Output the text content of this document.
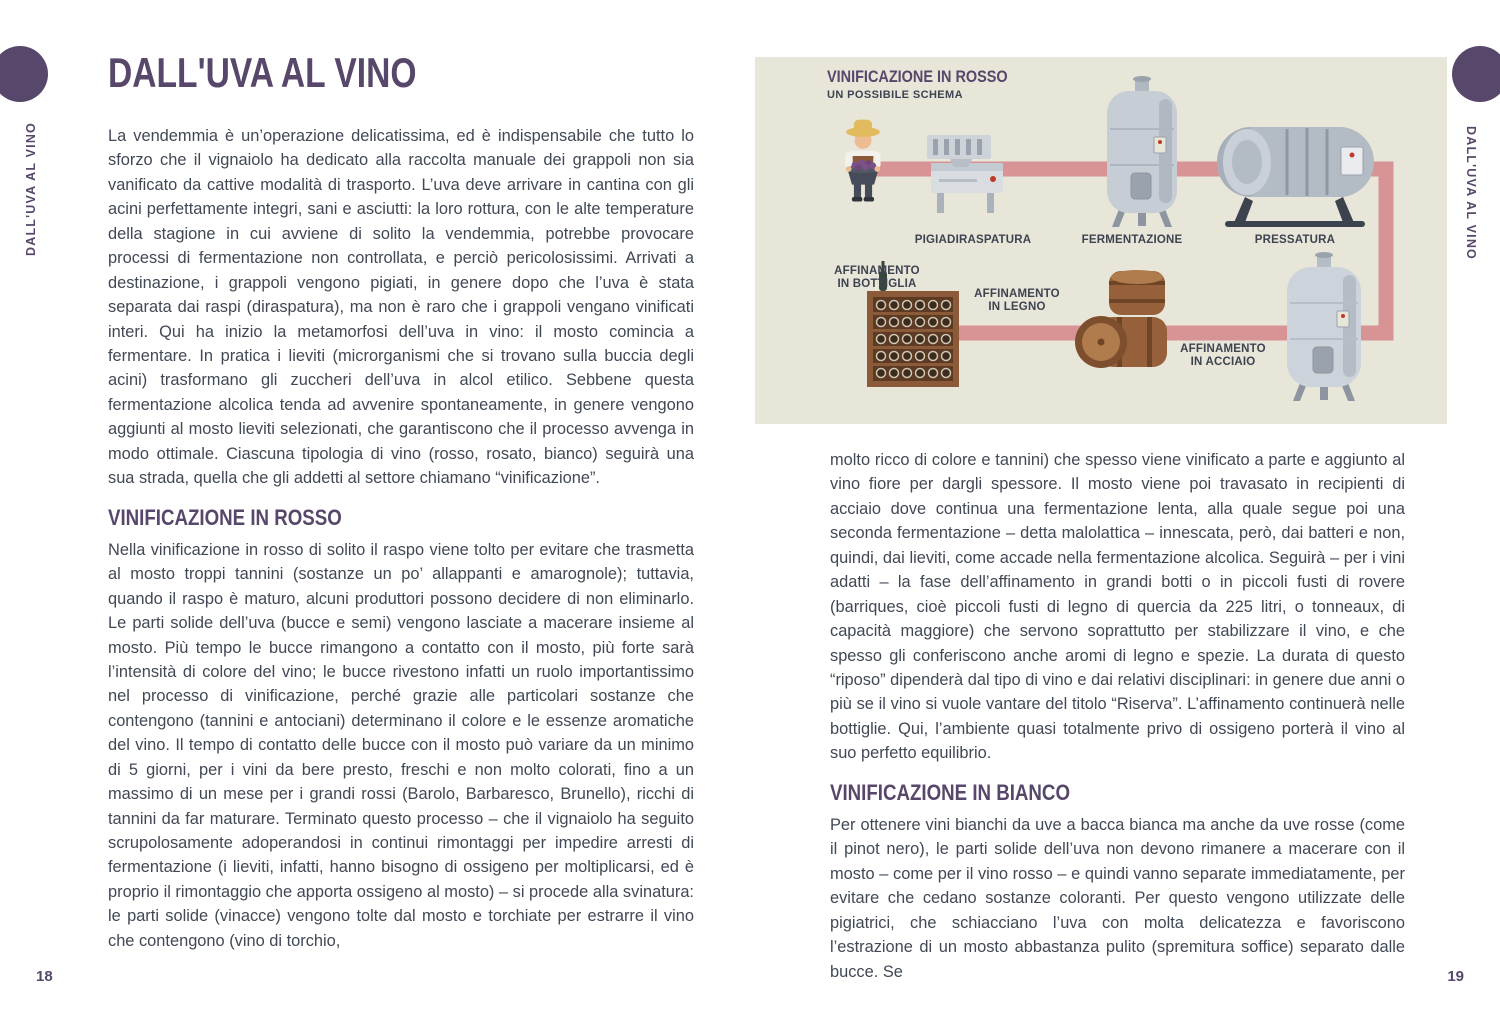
DALL'UVA AL VINO	DALL'UVA AL VINO
DALL'UVA AL VINO

La vendemmia è un’operazione delicatissima, ed è indispensabile che tutto lo sforzo che il vignaiolo ha dedicato alla raccolta manuale dei grappoli non sia vanificato da cattive modalità di trasporto. L’uva deve arrivare in cantina con gli acini perfettamente integri, sani e asciutti: la loro rottura, con le alte temperature della stagione in cui avviene di solito la vendemmia, potrebbe provocare processi di fermentazione non controllata, e perciò pericolosissimi. Arrivati a destinazione, i grappoli vengono pigiati, in genere dopo che l’uva è stata separata dai raspi (diraspatura), ma non è raro che i grappoli vengano vinificati interi. Qui ha inizio la metamorfosi dell’uva in vino: il mosto comincia a fermentare. In pratica i lieviti (microrganismi che si trovano sulla buccia degli acini) trasformano gli zuccheri dell’uva in alcol etilico. Sebbene questa fermentazione alcolica tenda ad avvenire spontaneamente, in genere vengono aggiunti al mosto lieviti selezionati, che garantiscono che il processo avvenga in modo ottimale. Ciascuna tipologia di vino (rosso, rosato, bianco) seguirà una sua strada, quella che gli addetti al settore chiamano “vinificazione”.

VINIFICAZIONE IN ROSSO

Nella vinificazione in rosso di solito il raspo viene tolto per evitare che trasmetta al mosto troppi tannini (sostanze un po’ allappanti e amarognole); tuttavia, quando il raspo è maturo, alcuni produttori possono decidere di non eliminarlo. Le parti solide dell’uva (bucce e semi) vengono lasciate a macerare insieme al mosto. Più tempo le bucce rimangono a contatto con il mosto, più forte sarà l’intensità di colore del vino; le bucce rivestono infatti un ruolo importantissimo nel processo di vinificazione, perché grazie alle particolari sostanze che contengono (tannini e antociani) determinano il colore e le essenze aromatiche del vino. Il tempo di contatto delle bucce con il mosto può variare da un minimo di 5 giorni, per i vini da bere presto, freschi e non molto colorati, fino a un massimo di un mese per i grandi rossi (Barolo, Barbaresco, Brunello), ricchi di tannini da far maturare. Terminato questo processo – che il vignaiolo ha seguito scrupolosamente adoperandosi in continui rimontaggi per impedire arresti di fermentazione (i lieviti, infatti, hanno bisogno di ossigeno per moltiplicarsi, ed è proprio il rimontaggio che apporta ossigeno al mosto) – si procede alla svinatura: le parti solide (vinacce) vengono tolte dal mosto e torchiate per estrarre il vino che contengono (vino di torchio,

VINIFICAZIONE IN ROSSO
UN POSSIBILE SCHEMA
PIGIADIRASPATURA	FERMENTAZIONE	PRESSATURA
AFFINAMENTO
IN BOTTIGLIA
AFFINAMENTO
IN LEGNO
AFFINAMENTO
IN ACCIAIO

molto ricco di colore e tannini) che spesso viene vinificato a parte e aggiunto al vino fiore per dargli spessore. Il mosto viene poi travasato in recipienti di acciaio dove continua una fermentazione lenta, alla quale segue poi una seconda fermentazione – detta malolattica – innescata, però, dai batteri e non, quindi, dai lieviti, come accade nella fermentazione alcolica. Seguirà – per i vini adatti – la fase dell’affinamento in grandi botti o in piccoli fusti di rovere (barriques, cioè piccoli fusti di legno di quercia da 225 litri, o tonneaux, di capacità maggiore) che servono soprattutto per stabilizzare il vino, e che spesso gli conferiscono anche aromi di legno e spezie. La durata di questo “riposo” dipenderà dal tipo di vino e dai relativi disciplinari: in genere due anni o più se il vino si vuole vantare del titolo “Riserva”. L’affinamento continuerà nelle bottiglie. Qui, l’ambiente quasi totalmente privo di ossigeno porterà il vino al suo perfetto equilibrio.

VINIFICAZIONE IN BIANCO

Per ottenere vini bianchi da uve a bacca bianca ma anche da uve rosse (come il pinot nero), le parti solide dell’uva non devono rimanere a macerare con il mosto – come per il vino rosso – e quindi vanno separate immediatamente, per evitare che cedano sostanze coloranti. Per questo vengono utilizzate delle pigiatrici, che schiacciano l’uva con molta delicatezza e favoriscono l’estrazione di un mosto abbastanza pulito (spremitura soffice) separato dalle bucce. Se

18	19
